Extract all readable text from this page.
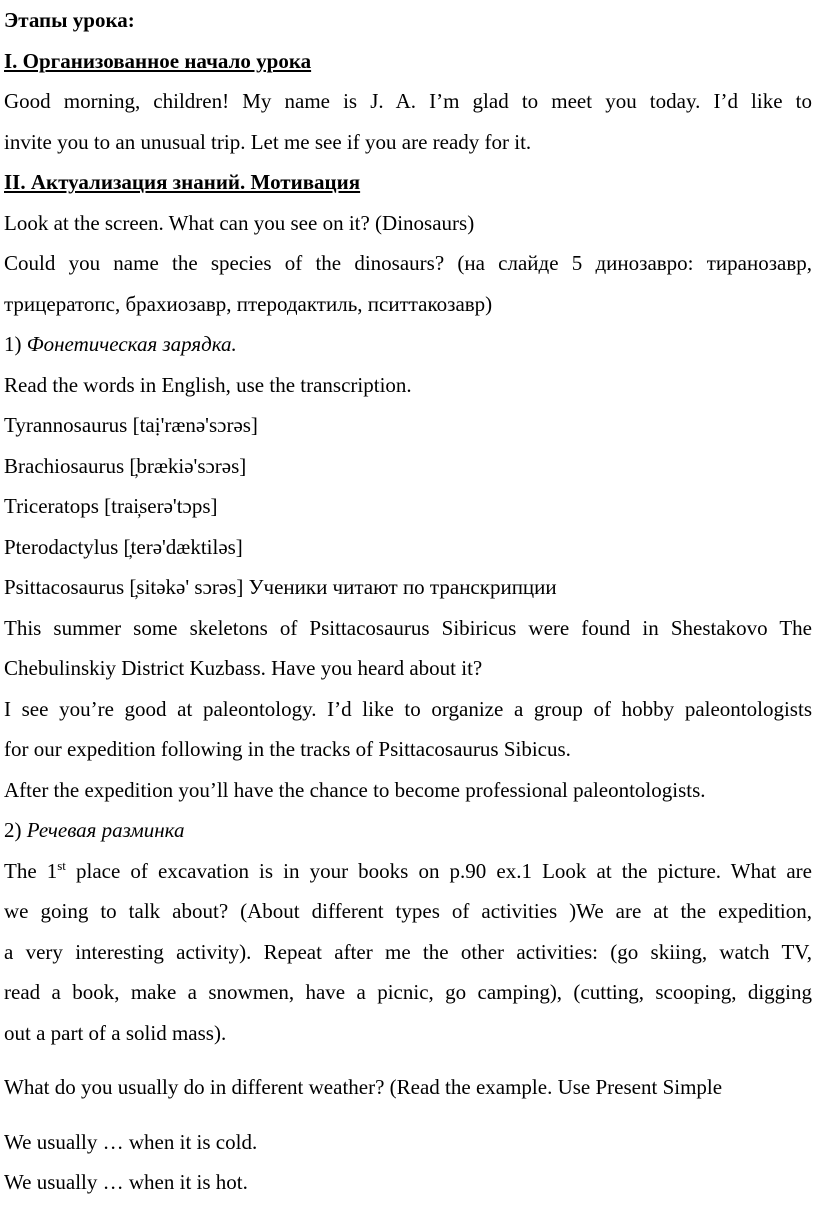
Этапы урока:

I. Организованное начало урока

Good morning, children! My name is J. A. I’m glad to meet you today. I’d like to

invite you to an unusual trip. Let me see if you are ready for it.

II. Актуализация знаний. Мотивация

Look at the screen. What can you see on it? (Dinosaurs)

Could you name the species of the dinosaurs? (на слайде 5 динозавро: тиранозавр,

трицератопс, брахиозавр, птеродактиль, пситтакозавр)

1) Фонетическая зарядка.

Read the words in English, use the transcription.

Tyrannosaurus [taị'rænə'sɔrəs]

Brachiosaurus [̦brækiə'sɔrəs]

Triceratops [trai̦serə'tɔps]

Pterodactylus [̦terə'dæktiləs]

Psittacosaurus [̦sitəkə' sɔrəs] Ученики читают по транскрипции

This summer some skeletons of Psittacosaurus Sibiricus were found in Shestakovo The

Chebulinskiy District Kuzbass. Have you heard about it?

I see you’re good at paleontology. I’d like to organize a group of hobby paleontologists

for our expedition following in the tracks of Psittacosaurus Sibicus.

After the expedition you’ll have the chance to become professional paleontologists.

2) Речевая разминка

The 1st place of excavation is in your books on p.90 ex.1 Look at the picture. What are

we going to talk about? (About different types of activities )We are at the expedition,

a very interesting activity). Repeat after me the other activities: (go skiing, watch TV,

read a book, make a snowmen, have a picnic, go camping), (cutting, scooping, digging

out a part of a solid mass).

What do you usually do in different weather? (Read the example. Use Present Simple

We usually … when it is cold.

We usually … when it is hot.
